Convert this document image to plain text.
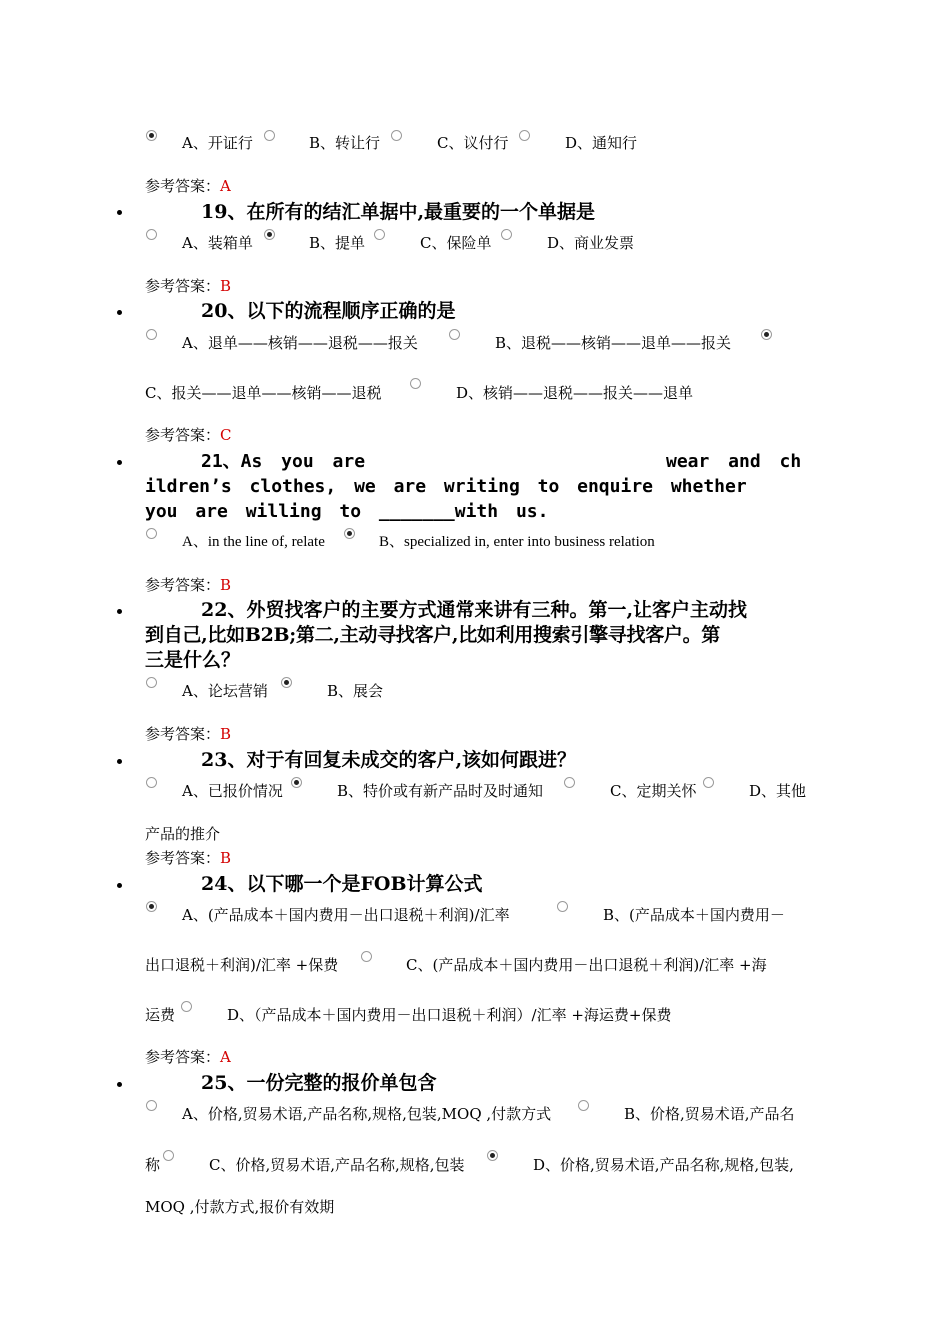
A、开证行	B、转让行	C、议付行	D、通知行
参考答案：A
19、在所有的结汇单据中,最重要的一个单据是
A、装箱单	B、提单	C、保险单	D、商业发票
参考答案：B
20、以下的流程顺序正确的是
A、退单——核销——退税——报关	B、退税——核销——退单——报关
C、报关——退单——核销——退税	D、核销——退税——报关——退单
参考答案：C
21、As you are	wear and ch
ildren’s clothes, we are writing to enquire whether
you are willing to _______with us.
A、in the line of, relate	B、specialized in, enter into business relation
参考答案：B
22、外贸找客户的主要方式通常来讲有三种。第一,让客户主动找
到自己,比如B2B;第二,主动寻找客户,比如利用搜索引擎寻找客户。第
三是什么？
A、论坛营销	B、展会
参考答案：B
23、对于有回复未成交的客户,该如何跟进？
A、已报价情况	B、特价或有新产品时及时通知	C、定期关怀	D、其他
产品的推介
参考答案：B
24、以下哪一个是FOB计算公式
A、(产品成本＋国内费用－出口退税＋利润)/汇率	B、(产品成本＋国内费用－
出口退税＋利润)/汇率 +保费	C、(产品成本＋国内费用－出口退税＋利润)/汇率 +海
运费	D、（产品成本＋国内费用－出口退税＋利润）/汇率 +海运费+保费
参考答案：A
25、一份完整的报价单包含
A、价格,贸易术语,产品名称,规格,包装,MOQ ,付款方式	B、价格,贸易术语,产品名
称	C、价格,贸易术语,产品名称,规格,包装	D、价格,贸易术语,产品名称,规格,包装,
MOQ ,付款方式,报价有效期
